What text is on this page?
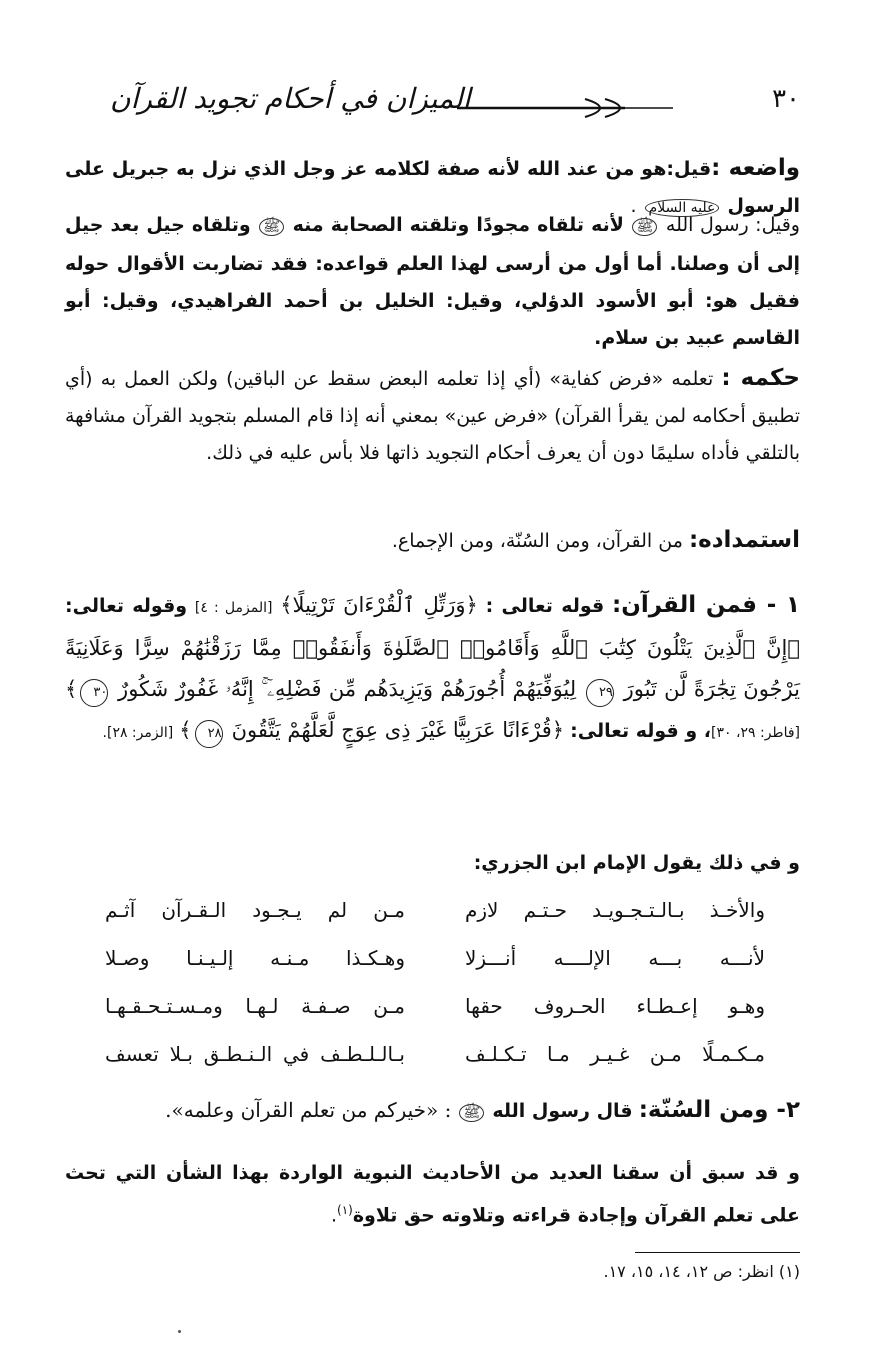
٣٠
الميزان في أحكام تجويد القرآن
واضعه :قيل:هو من عند الله لأنه صفة لكلامه عز وجل الذي نزل به جبريل على الرسول عليه السلام .
وقيل: رسول الله ﷺ لأنه تلقاه مجودًا وتلقته الصحابة منه ﷺ وتلقاه جيل بعد جيل إلى أن وصلنا. أما أول من أرسى لهذا العلم قواعده: فقد تضاربت الأقوال حوله فقيل هو: أبو الأسود الدؤلي، وقيل: الخليل بن أحمد الفراهيدي، وقيل: أبو القاسم عبيد بن سلام.
حكمه : تعلمه «فرض كفاية» (أي إذا تعلمه البعض سقط عن الباقين) ولكن العمل به (أي تطبيق أحكامه لمن يقرأ القرآن) «فرض عين» بمعني أنه إذا قام المسلم بتجويد القرآن مشافهة بالتلقي فأداه سليمًا دون أن يعرف أحكام التجويد ذاتها فلا بأس عليه في ذلك.
استمداده: من القرآن، ومن السُنّة، ومن الإجماع.
١ - فمن القرآن: قوله تعالى : ﴿وَرَتِّلِ ٱلْقُرْءَانَ تَرْتِيلًا﴾ [المزمل : ٤] وقوله تعالى: ﴿إِنَّ ٱلَّذِينَ يَتْلُونَ كِتَٰبَ ٱللَّهِ وَأَقَامُوا۟ ٱلصَّلَوٰةَ وَأَنفَقُوا۟ مِمَّا رَزَقْنَٰهُمْ سِرًّا وَعَلَانِيَةً يَرْجُونَ تِجَٰرَةً لَّن تَبُورَ ٢٩ لِيُوَفِّيَهُمْ أُجُورَهُمْ وَيَزِيدَهُم مِّن فَضْلِهِۦٓ ۚ إِنَّهُۥ غَفُورٌ شَكُورٌ ٣٠﴾ [فاطر: ٢٩، ٣٠]، و قوله تعالى: ﴿قُرْءَانًا عَرَبِيًّا غَيْرَ ذِى عِوَجٍ لَّعَلَّهُمْ يَتَّقُونَ ٢٨﴾ [الزمر: ٢٨].
و في ذلك يقول الإمام ابن الجزري:
والأخـذ بـالـتـجـويـد حـتـم لازم
مـن لم يـجـود الـقـرآن آثـم
لأنـــه بـــه الإلــــه أنـــزلا
وهـكـذا مـنـه إلـيـنـا وصـلا
وهـو إعـطـاء الحـروف حقها
مـن صـفـة لـهـا ومـسـتـحـقـهـا
مـكـمـلًا مـن غـيـر مـا تـكـلـف
بـالـلـطـف في الـنـطـق بـلا تعسف
٢- ومن السُنّة: قال رسول الله ﷺ : «خيركم من تعلم القرآن وعلمه».
و قد سبق أن سقنا العديد من الأحاديث النبوية الواردة بهذا الشأن التي تحث على تعلم القرآن وإجادة قراءته وتلاوته حق تلاوة$^{(١)}$.
(١) انظر: ص ١٢، ١٤، ١٥، ١٧.
